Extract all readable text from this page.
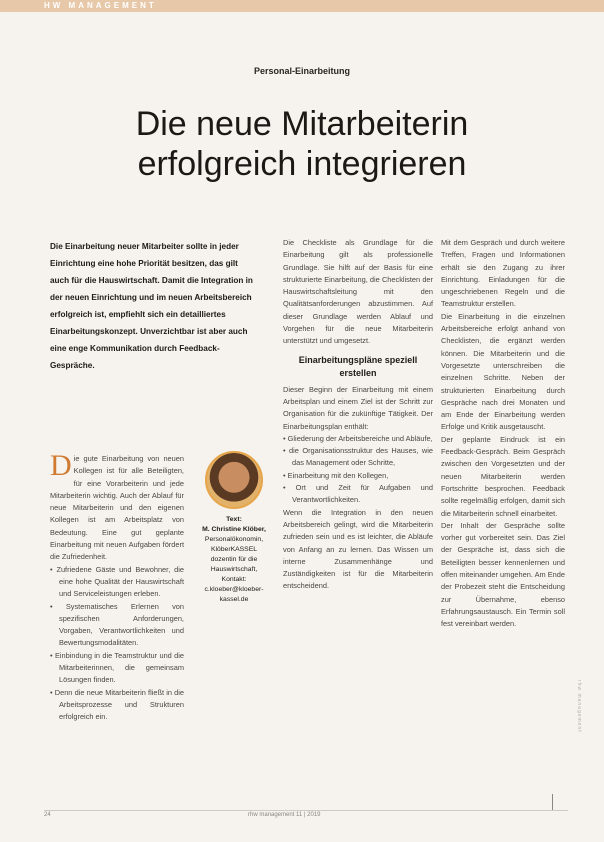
HW MANAGEMENT
Personal-Einarbeitung
Die neue Mitarbeiterin
erfolgreich integrieren
Die Einarbeitung neuer Mitarbeiter sollte in jeder Einrichtung eine hohe Priorität besitzen, das gilt auch für die Hauswirtschaft. Damit die Integration in der neuen Einrichtung und im neuen Arbeitsbereich erfolgreich ist, empfiehlt sich ein detailliertes Einarbeitungskonzept. Unverzichtbar ist aber auch eine enge Kommunikation durch Feedback-Gespräche.

Die gute Einarbeitung von neuen Kollegen ist für alle Beteiligten, für eine Vorarbeiterin und jede Mitarbeiterin wichtig. Auch der Ablauf für neue Mitarbeiterin und den eigenen Kollegen ist am Arbeitsplatz von Bedeutung. Eine gut geplante Einarbeitung mit neuen Aufgaben fördert die Zufriedenheit.

• Zufriedene Gäste und Bewohner, die eine hohe Qualität der Hauswirtschaft und Serviceleistungen erleben.

• Systematisches Erlernen von spezifischen Anforderungen, Vorgaben, Verantwortlichkeiten und Bewertungsmodalitäten.

• Einbindung in die Teamstruktur und die Mitarbeiterinnen, die gemeinsam Lösungen finden.

• Denn die neue Mitarbeiterin fließt in die Arbeitsprozesse und Strukturen erfolgreich ein.

Text:
M. Christine Klöber,
Personalökonomin, KlöberKASSEL
dozentin für die Hauswirtschaft,
Kontakt:
c.kloeber@kloeber-kassel.de

Die Checkliste als Grundlage für die Einarbeitung gilt als professionelle Grundlage. Sie hilft auf der Basis für eine strukturierte Einarbeitung, die Checklisten der Hauswirtschaftsleitung mit den Qualitätsanforderungen abzustimmen. Auf dieser Grundlage werden Ablauf und Vorgehen für die neue Mitarbeiterin unterstützt und umgesetzt.

Einarbeitungspläne speziell erstellen

Dieser Beginn der Einarbeitung mit einem Arbeitsplan und einem Ziel ist der Schritt zur Organisation für die zukünftige Tätigkeit. Der Einarbeitungsplan enthält:

• Gliederung der Arbeitsbereiche und Abläufe,

• die Organisationsstruktur des Hauses, wie das Management oder Schritte,

• Einarbeitung mit den Kollegen,

• Ort und Zeit für Aufgaben und Verantwortlichkeiten.

Wenn die Integration in den neuen Arbeitsbereich gelingt, wird die Mitarbeiterin zufrieden sein und es ist leichter, die Abläufe von Anfang an zu lernen. Das Wissen um interne Zusammenhänge und Zuständigkeiten ist für die Mitarbeiterin entscheidend.

Mit dem Gespräch und durch weitere Treffen, Fragen und Informationen erhält sie den Zugang zu ihrer Einrichtung. Einladungen für die ungeschriebenen Regeln und die Teamstruktur erstellen.

Die Einarbeitung in die einzelnen Arbeitsbereiche erfolgt anhand von Checklisten, die ergänzt werden können. Die Mitarbeiterin und die Vorgesetzte unterschreiben die einzelnen Schritte. Neben der strukturierten Einarbeitung durch Gespräche nach drei Monaten und am Ende der Einarbeitung werden Erfolge und Kritik ausgetauscht.

Der geplante Eindruck ist ein Feedback-Gespräch. Beim Gespräch zwischen den Vorgesetzten und der neuen Mitarbeiterin werden Fortschritte besprochen. Feedback sollte regelmäßig erfolgen, damit sich die Mitarbeiterin schnell einarbeitet.

Der Inhalt der Gespräche sollte vorher gut vorbereitet sein. Das Ziel der Gespräche ist, dass sich die Beteiligten besser kennenlernen und offen miteinander umgehen. Am Ende der Probezeit steht die Entscheidung zur Übernahme, ebenso Erfahrungsaustausch. Ein Termin soll fest vereinbart werden.

rhw management
24	rhw management 11 | 2019
